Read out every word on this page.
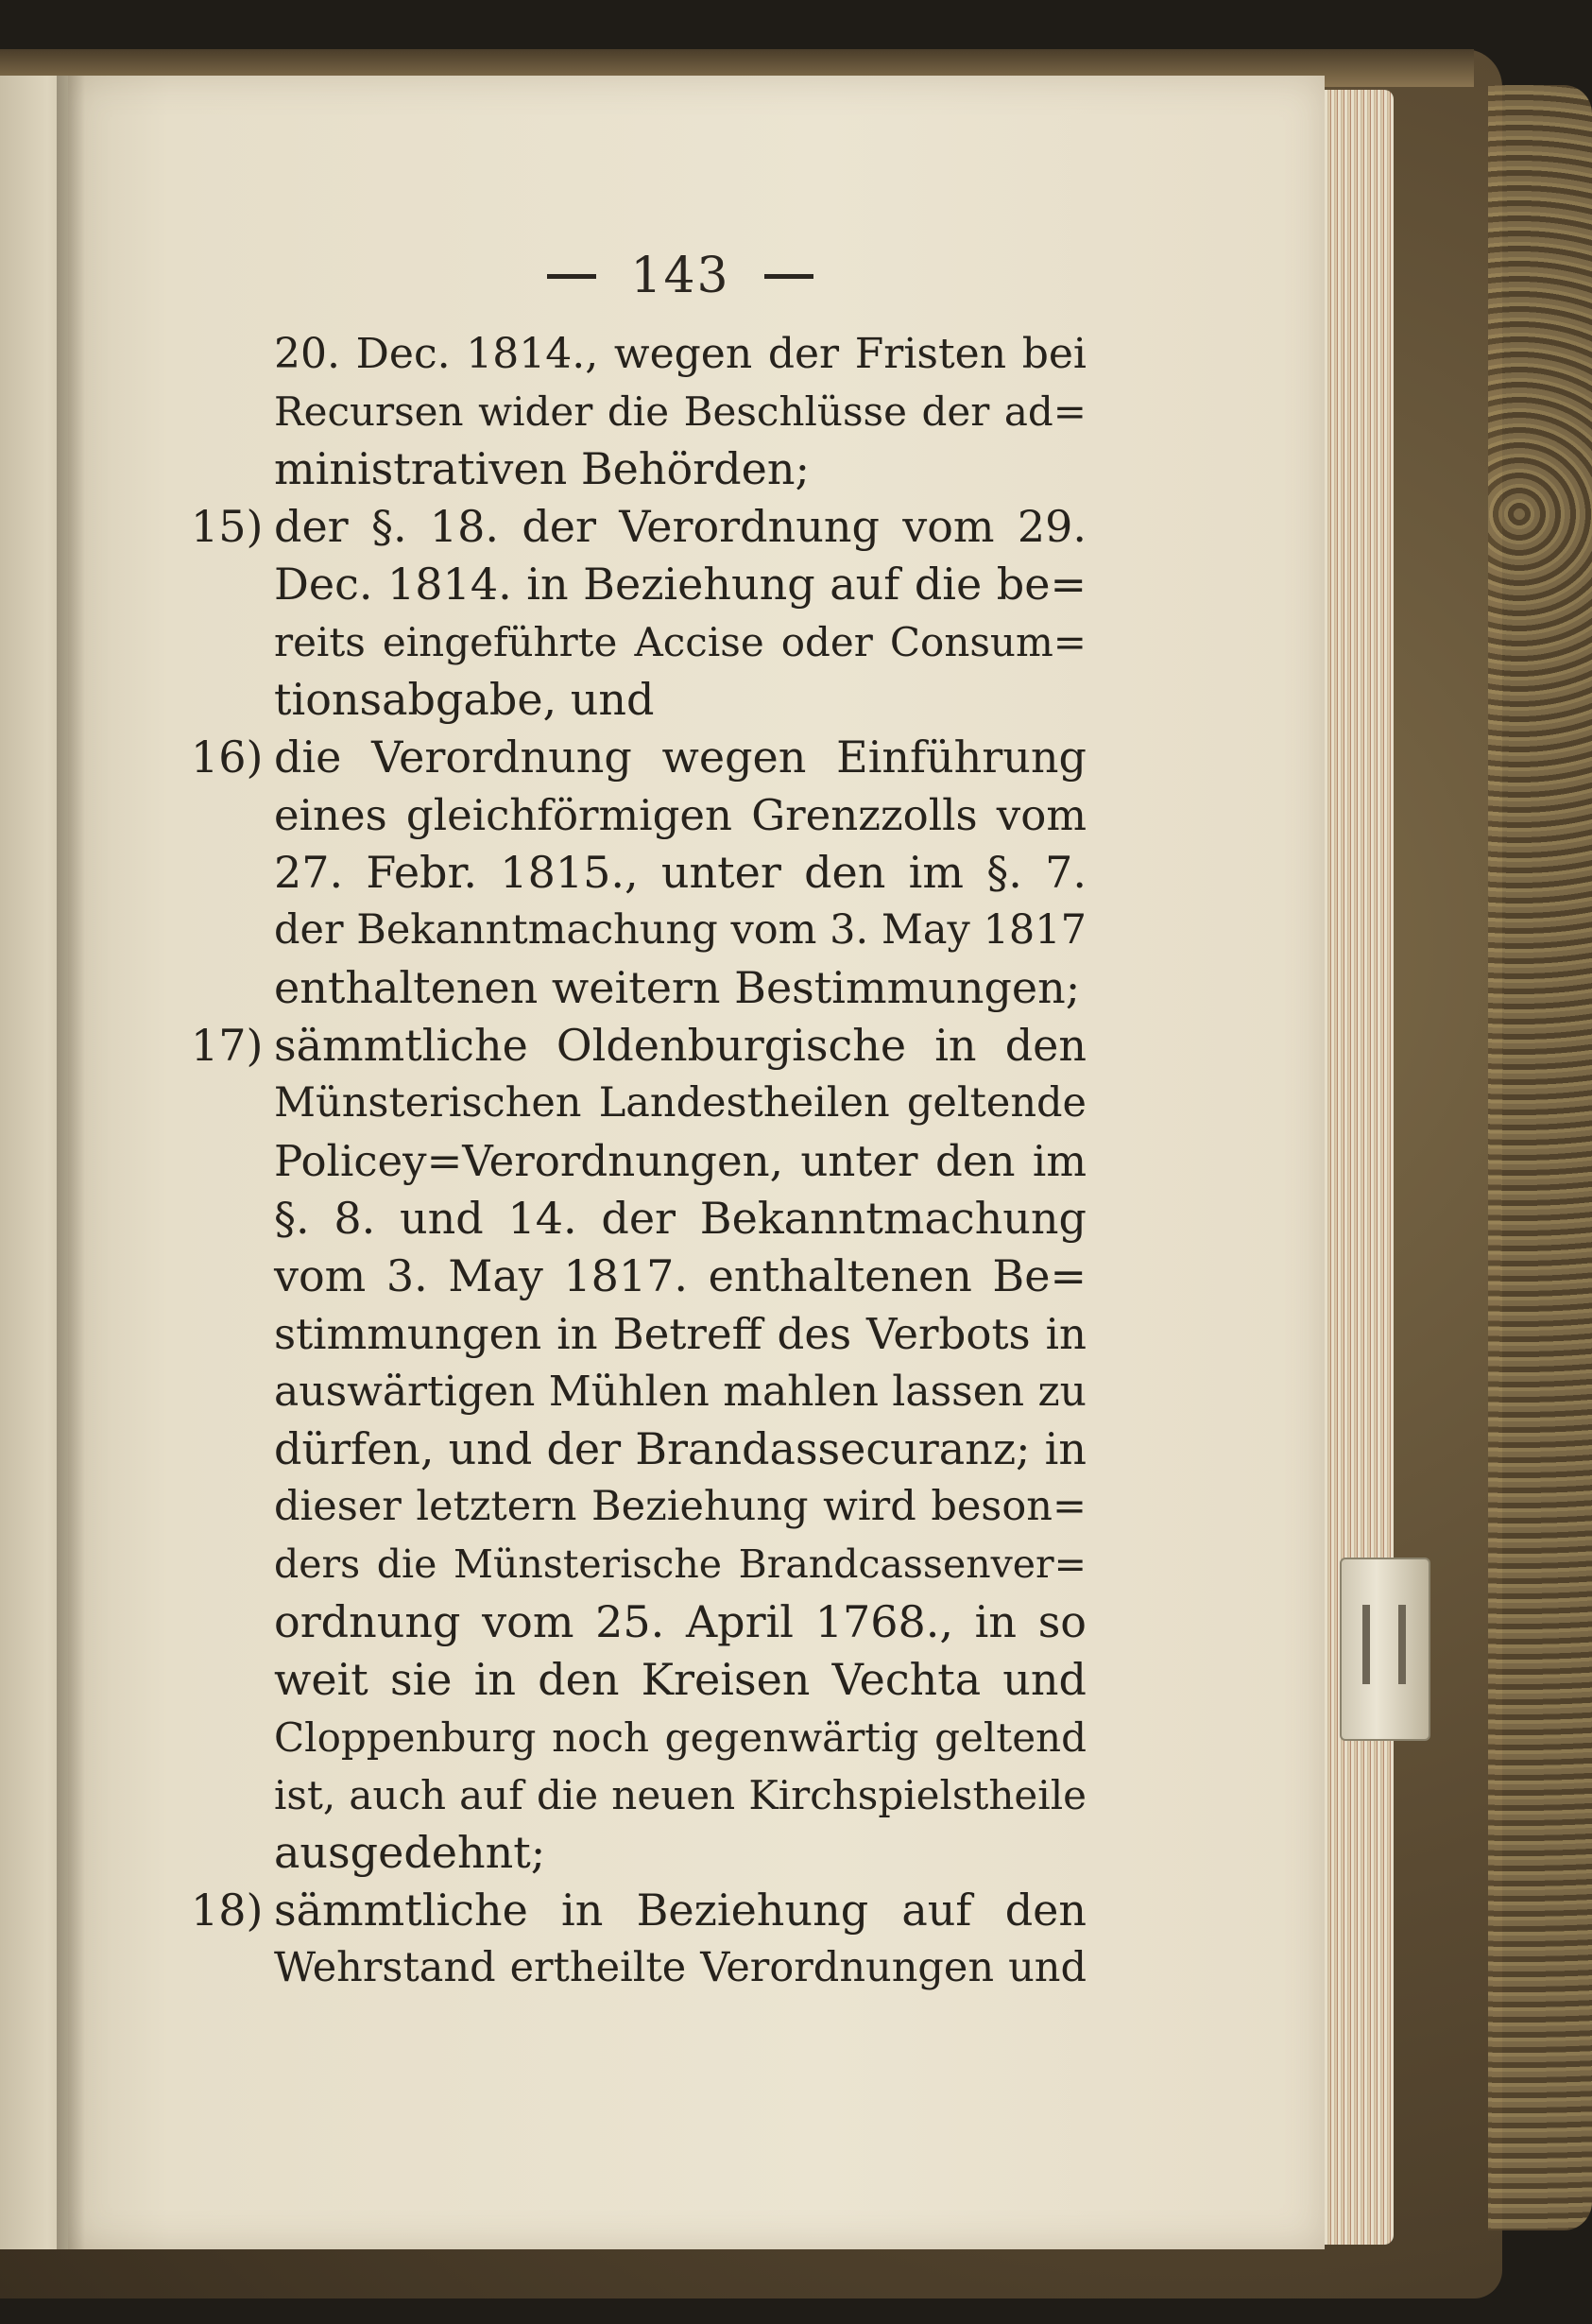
143
20. Dec. 1814., wegen der Fristen bei
Recursen wider die Beschlüsse der ad=
ministrativen Behörden;
15) der §. 18. der Verordnung vom 29.
Dec. 1814. in Beziehung auf die be=
reits eingeführte Accise oder Consum=
tionsabgabe, und
16) die Verordnung wegen Einführung
eines gleichförmigen Grenzzolls vom
27. Febr. 1815., unter den im §. 7.
der Bekanntmachung vom 3. May 1817
enthaltenen weitern Bestimmungen;
17) sämmtliche Oldenburgische in den
Münsterischen Landestheilen geltende
Policey=Verordnungen, unter den im
§. 8. und 14. der Bekanntmachung
vom 3. May 1817. enthaltenen Be=
stimmungen in Betreff des Verbots in
auswärtigen Mühlen mahlen lassen zu
dürfen, und der Brandassecuranz; in
dieser letztern Beziehung wird beson=
ders die Münsterische Brandcassenver=
ordnung vom 25. April 1768., in so
weit sie in den Kreisen Vechta und
Cloppenburg noch gegenwärtig geltend
ist, auch auf die neuen Kirchspielstheile
ausgedehnt;
18) sämmtliche in Beziehung auf den
Wehrstand ertheilte Verordnungen und
